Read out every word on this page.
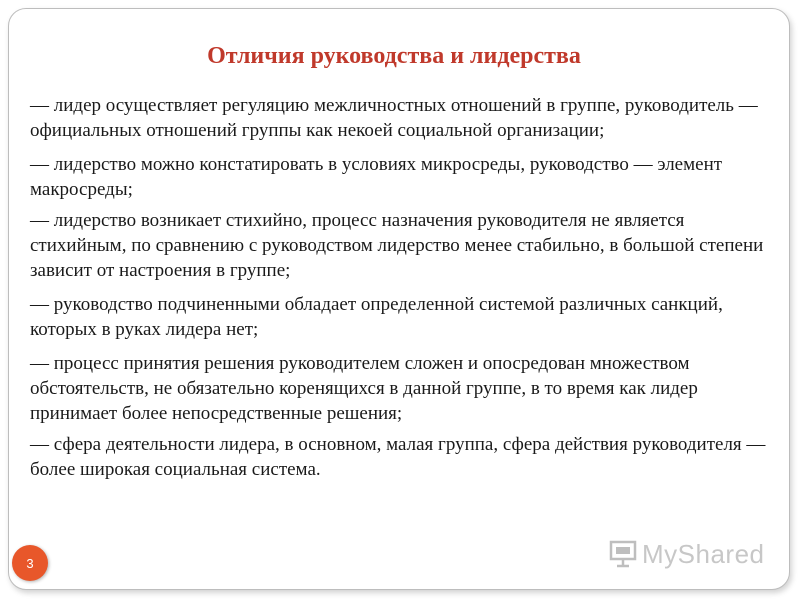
Отличия руководства и лидерства

— лидер осуществляет регуляцию межличностных отношений в группе, руководитель — официальных отношений группы как некоей социальной организации;

— лидерство можно констатировать в условиях микросреды, руководство — элемент макросреды;

— лидерство возникает стихийно, процесс назначения руководителя не является стихийным, по сравнению с руководством лидерство менее стабильно, в большой степени зависит от настроения в группе;

— руководство подчиненными обладает определенной системой различных санкций, которых в руках лидера нет;

— процесс принятия решения руководителем сложен и опосредован множеством обстоятельств, не обязательно коренящихся в данной группе, в то время как лидер принимает более непосредственные решения;

— сфера деятельности лидера, в основном, малая группа, сфера действия руководителя — более широкая социальная система.

3	MyShared
